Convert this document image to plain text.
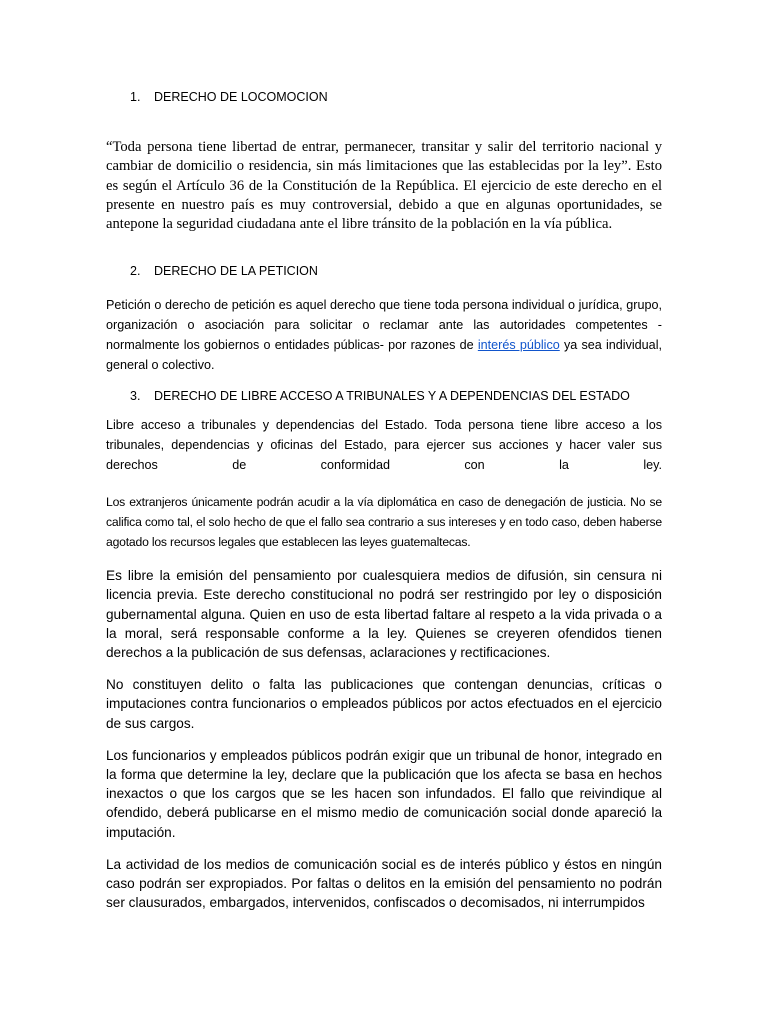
1. DERECHO DE LOCOMOCION

“Toda persona tiene libertad de entrar, permanecer, transitar y salir del territorio nacional y cambiar de domicilio o residencia, sin más limitaciones que las establecidas por la ley”. Esto es según el Artículo 36 de la Constitución de la República. El ejercicio de este derecho en el presente en nuestro país es muy controversial, debido a que en algunas oportunidades, se antepone la seguridad ciudadana ante el libre tránsito de la población en la vía pública.

2. DERECHO DE LA PETICION

Petición o derecho de petición es aquel derecho que tiene toda persona individual o jurídica, grupo, organización o asociación para solicitar o reclamar ante las autoridades competentes - normalmente los gobiernos o entidades públicas- por razones de interés público ya sea individual, general o colectivo.

3. DERECHO DE LIBRE ACCESO A TRIBUNALES Y A DEPENDENCIAS DEL ESTADO

Libre acceso a tribunales y dependencias del Estado. Toda persona tiene libre acceso a los tribunales, dependencias y oficinas del Estado, para ejercer sus acciones y hacer valer sus derechos de conformidad con la ley.

Los extranjeros únicamente podrán acudir a la vía diplomática en caso de denegación de justicia. No se califica como tal, el solo hecho de que el fallo sea contrario a sus intereses y en todo caso, deben haberse agotado los recursos legales que establecen las leyes guatemaltecas.

Es libre la emisión del pensamiento por cualesquiera medios de difusión, sin censura ni licencia previa. Este derecho constitucional no podrá ser restringido por ley o disposición gubernamental alguna. Quien en uso de esta libertad faltare al respeto a la vida privada o a la moral, será responsable conforme a la ley. Quienes se creyeren ofendidos tienen derechos a la publicación de sus defensas, aclaraciones y rectificaciones.

No constituyen delito o falta las publicaciones que contengan denuncias, críticas o imputaciones contra funcionarios o empleados públicos por actos efectuados en el ejercicio de sus cargos.

Los funcionarios y empleados públicos podrán exigir que un tribunal de honor, integrado en la forma que determine la ley, declare que la publicación que los afecta se basa en hechos inexactos o que los cargos que se les hacen son infundados. El fallo que reivindique al ofendido, deberá publicarse en el mismo medio de comunicación social donde apareció la imputación.

La actividad de los medios de comunicación social es de interés público y éstos en ningún caso podrán ser expropiados. Por faltas o delitos en la emisión del pensamiento no podrán ser clausurados, embargados, intervenidos, confiscados o decomisados, ni interrumpidos
